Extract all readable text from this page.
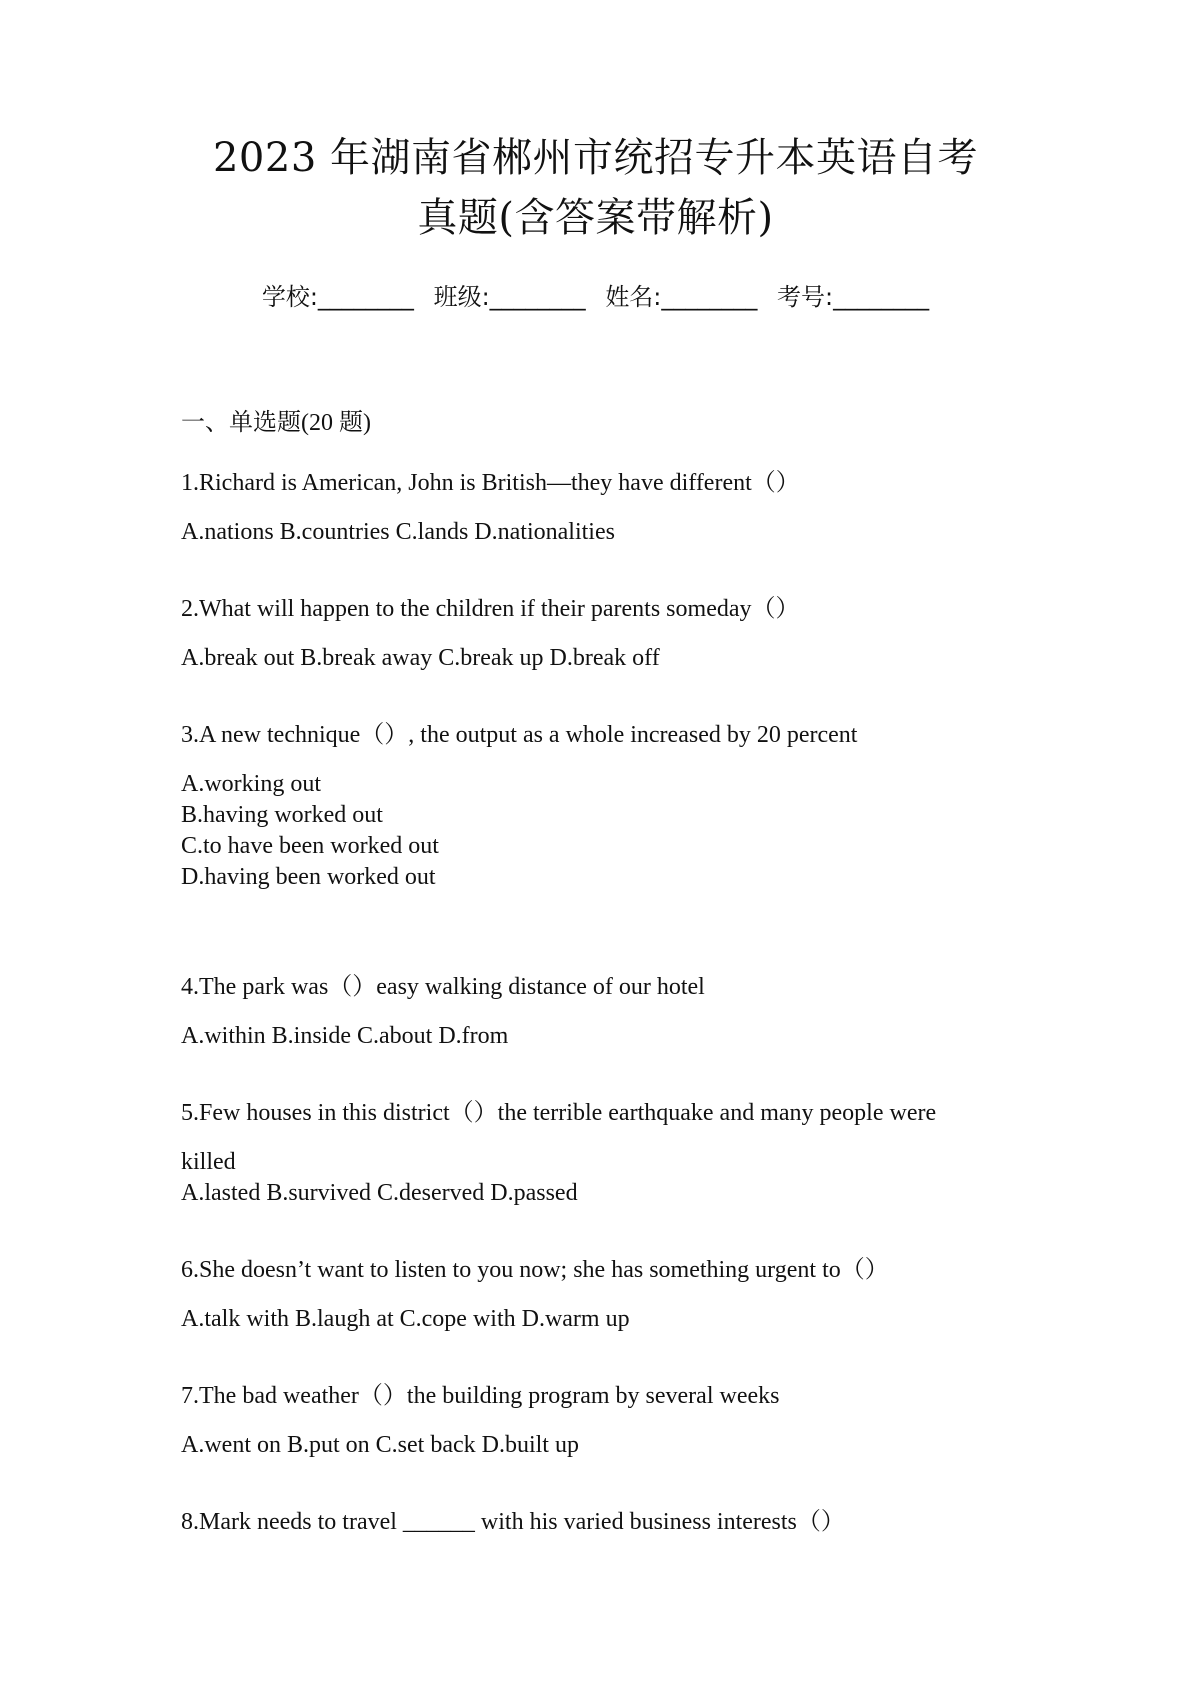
2023 年湖南省郴州市统招专升本英语自考
真题(含答案带解析)
学校:________ 班级:________ 姓名:________ 考号:________
一、单选题(20 题)
1.Richard is American, John is British—they have different（）
A.nations B.countries C.lands D.nationalities
2.What will happen to the children if their parents someday（）
A.break out B.break away C.break up D.break off
3.A new technique（）, the output as a whole increased by 20 percent
A.working out
B.having worked out
C.to have been worked out
D.having been worked out
4.The park was（）easy walking distance of our hotel
A.within B.inside C.about D.from
5.Few houses in this district（）the terrible earthquake and many people were
killed
A.lasted B.survived C.deserved D.passed
6.She doesn’t want to listen to you now; she has something urgent to（）
A.talk with B.laugh at C.cope with D.warm up
7.The bad weather（）the building program by several weeks
A.went on B.put on C.set back D.built up
8.Mark needs to travel ______ with his varied business interests（）
